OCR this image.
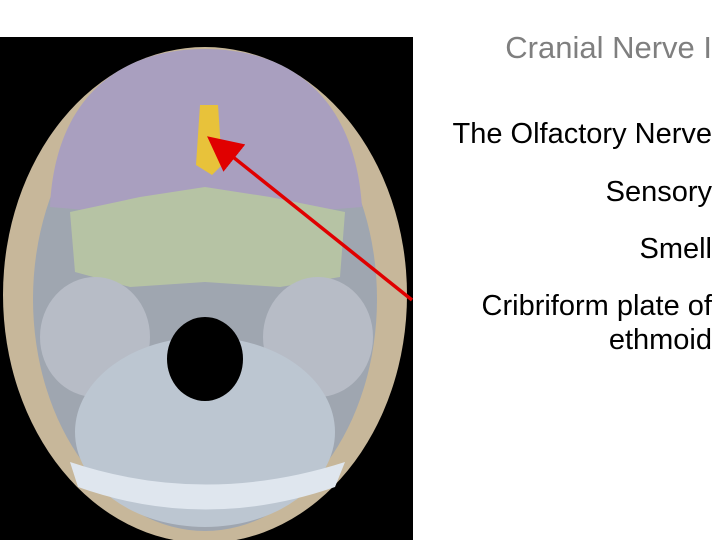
Cranial Nerve I
The Olfactory Nerve
Sensory
Smell
Cribriform plate of ethmoid
